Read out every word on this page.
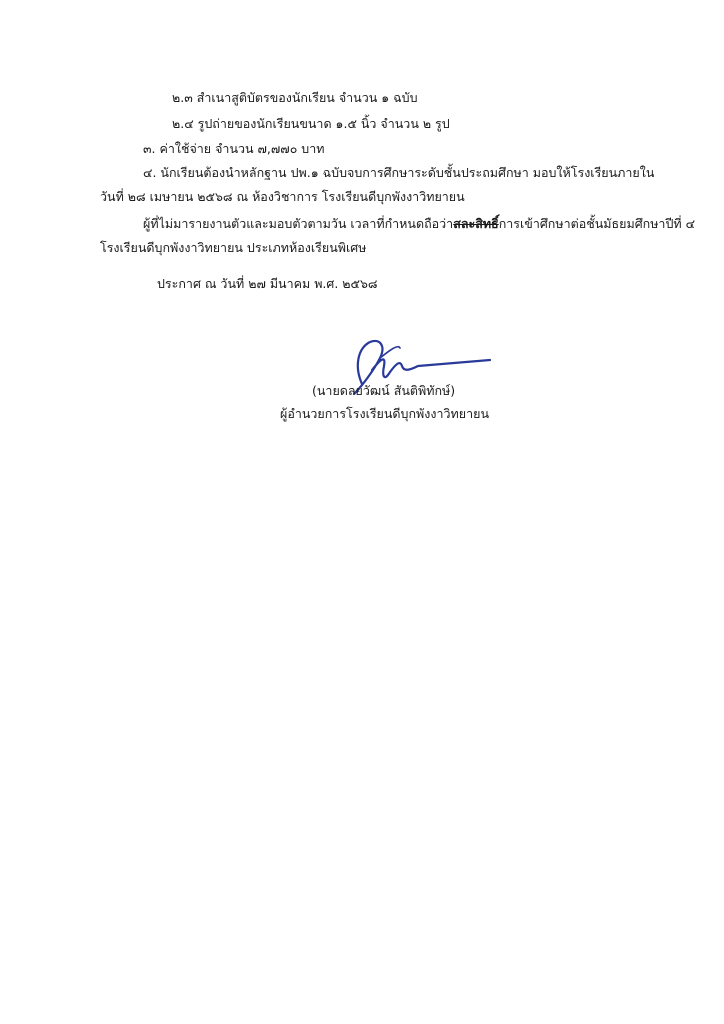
๒.๓ สำเนาสูติบัตรของนักเรียน จำนวน ๑ ฉบับ
๒.๔ รูปถ่ายของนักเรียนขนาด ๑.๕ นิ้ว จำนวน ๒ รูป
๓. ค่าใช้จ่าย จำนวน ๗,๗๗๐ บาท
๔. นักเรียนต้องนำหลักฐาน ปพ.๑ ฉบับจบการศึกษาระดับชั้นประถมศึกษา มอบให้โรงเรียนภายใน
วันที่ ๒๘ เมษายน ๒๕๖๘ ณ ห้องวิชาการ โรงเรียนดีบุกพังงาวิทยายน
ผู้ที่ไม่มารายงานตัวและมอบตัวตามวัน เวลาที่กำหนดถือว่าสละสิทธิ์การเข้าศึกษาต่อชั้นมัธยมศึกษาปีที่ ๔
โรงเรียนดีบุกพังงาวิทยายน ประเภทห้องเรียนพิเศษ
ประกาศ ณ วันที่ ๒๗ มีนาคม พ.ศ. ๒๕๖๘
(นายดลยวัฒน์ สันติพิทักษ์)
ผู้อำนวยการโรงเรียนดีบุกพังงาวิทยายน
